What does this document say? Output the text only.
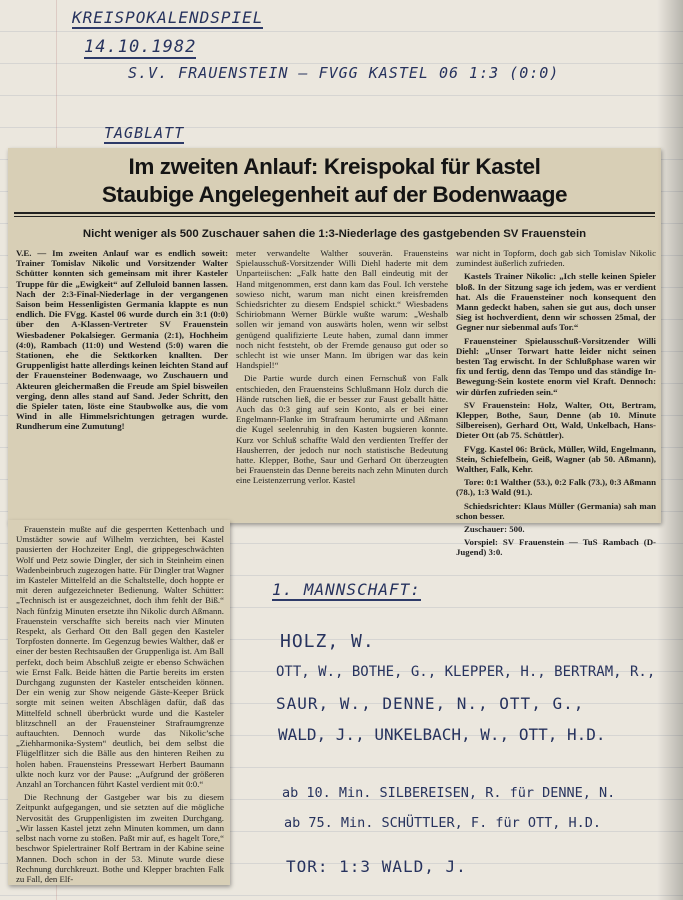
KREISPOKALENDSPIEL
14.10.1982
S.V. FRAUENSTEIN – FVGG KASTEL 06 1:3 (0:0)
TAGBLATT
Im zweiten Anlauf: Kreispokal für Kastel
Staubige Angelegenheit auf der Bodenwaage
Nicht weniger als 500 Zuschauer sahen die 1:3-Niederlage des gastgebenden SV Frauenstein

V.E. — Im zweiten Anlauf war es endlich soweit: Trainer Tomislav Nikolic und Vorsitzender Walter Schütter konnten sich gemeinsam mit ihrer Kasteler Truppe für die „Ewigkeit“ auf Zelluloid bannen lassen. Nach der 2:3-Final-Niederlage in der vergangenen Saison beim Hessenligisten Germania klappte es nun endlich. Die FVgg. Kastel 06 wurde durch ein 3:1 (0:0) über den A-Klassen-Vertreter SV Frauenstein Wiesbadener Pokalsieger. Germania (2:1), Hochheim (4:0), Rambach (11:0) und Westend (5:0) waren die Stationen, ehe die Sektkorken knallten. Der Gruppenligist hatte allerdings keinen leichten Stand auf der Frauensteiner Bodenwaage, wo Zuschauern und Akteuren gleichermaßen die Freude am Spiel bisweilen verging, denn alles stand auf Sand. Jeder Schritt, den die Spieler taten, löste eine Staubwolke aus, die vom Wind in alle Himmelsrichtungen getragen wurde. Rundherum eine Zumutung!

meter verwandelte Walther souverän. Frauensteins Spielausschuß-Vorsitzender Willi Diehl haderte mit dem Unparteiischen: „Falk hatte den Ball eindeutig mit der Hand mitgenommen, erst dann kam das Foul. Ich verstehe sowieso nicht, warum man nicht einen kreisfremden Schiedsrichter zu diesem Endspiel schickt.“ Wiesbadens Schiriobmann Werner Bürkle wußte warum: „Weshalb sollen wir jemand von auswärts holen, wenn wir selbst genügend qualifizierte Leute haben, zumal dann immer noch nicht feststeht, ob der Fremde genauso gut oder so schlecht ist wie unser Mann. Im übrigen war das kein Handspiel!“

Die Partie wurde durch einen Fernschuß von Falk entschieden, den Frauensteins Schlußmann Holz durch die Hände rutschen ließ, die er besser zur Faust geballt hätte. Auch das 0:3 ging auf sein Konto, als er bei einer Engelmann-Flanke im Strafraum herumirrte und Aßmann die Kugel seelenruhig in den Kasten bugsieren konnte. Kurz vor Schluß schaffte Wald den verdienten Treffer der Hausherren, der jedoch nur noch statistische Bedeutung hatte. Klepper, Bothe, Saur und Gerhard Ott überzeugten bei Frauenstein das Denne bereits nach zehn Minuten durch eine Leistenzerrung verlor. Kastel

war nicht in Topform, doch gab sich Tomislav Nikolic zumindest äußerlich zufrieden.

Kastels Trainer Nikolic: „Ich stelle keinen Spieler bloß. In der Sitzung sage ich jedem, was er verdient hat. Als die Frauensteiner noch konsequent den Mann gedeckt haben, sahen sie gut aus, doch unser Sieg ist hochverdient, denn wir schossen 25mal, der Gegner nur siebenmal aufs Tor.“

Frauensteiner Spielausschuß-Vorsitzender Willi Diehl: „Unser Torwart hatte leider nicht seinen besten Tag erwischt. In der Schlußphase waren wir fix und fertig, denn das Tempo und das ständige In-Bewegung-Sein kostete enorm viel Kraft. Dennoch: wir dürfen zufrieden sein.“

SV Frauenstein: Holz, Walter, Ott, Bertram, Klepper, Bothe, Saur, Denne (ab 10. Minute Silbereisen), Gerhard Ott, Wald, Unkelbach, Hans-Dieter Ott (ab 75. Schüttler).

FVgg. Kastel 06: Brück, Müller, Wild, Engelmann, Stein, Schiefelbein, Geiß, Wagner (ab 50. Aßmann), Walther, Falk, Kehr.

Tore: 0:1 Walther (53.), 0:2 Falk (73.), 0:3 Aßmann (78.), 1:3 Wald (91.).

Schiedsrichter: Klaus Müller (Germania) sah man schon besser.

Zuschauer: 500.

Vorspiel: SV Frauenstein — TuS Rambach (D-Jugend) 3:0.

Frauenstein mußte auf die gesperrten Kettenbach und Umstädter sowie auf Wilhelm verzichten, bei Kastel pausierten der Hochzeiter Engl, die grippegeschwächten Wolf und Petz sowie Dingler, der sich in Steinheim einen Wadenbeinbruch zugezogen hatte. Für Dingler trat Wagner im Kasteler Mittelfeld an die Schaltstelle, doch hoppte er mit deren aufgezeichneter Bedienung. Walter Schütter: „Technisch ist er ausgezeichnet, doch ihm fehlt der Biß.“ Nach fünfzig Minuten ersetzte ihn Nikolic durch Aßmann. Frauenstein verschaffte sich bereits nach vier Minuten Respekt, als Gerhard Ott den Ball gegen den Kasteler Torpfosten donnerte. Im Gegenzug bewies Walther, daß er einer der besten Rechtsaußen der Gruppenliga ist. Am Ball perfekt, doch beim Abschluß zeigte er ebenso Schwächen wie Ernst Falk. Beide hätten die Partie bereits im ersten Durchgang zugunsten der Kasteler entscheiden können. Der ein wenig zur Show neigende Gäste-Keeper Brück sorgte mit seinen weiten Abschlägen dafür, daß das Mittelfeld schnell überbrückt wurde und die Kasteler blitzschnell an der Frauensteiner Strafraumgrenze auftauchten. Dennoch wurde das Nikolic’sche „Ziehharmonika-System“ deutlich, bei dem selbst die Flügelflitzer sich die Bälle aus den hinteren Reihen zu holen haben. Frauensteins Pressewart Herbert Baumann ulkte noch kurz vor der Pause: „Aufgrund der größeren Anzahl an Torchancen führt Kastel verdient mit 0:0.“

Die Rechnung der Gastgeber war bis zu diesem Zeitpunkt aufgegangen, und sie setzten auf die mögliche Nervosität des Gruppenligisten im zweiten Durchgang. „Wir lassen Kastel jetzt zehn Minuten kommen, um dann selbst nach vorne zu stoßen. Paßt mir auf, es hagelt Tore,“ beschwor Spielertrainer Rolf Bertram in der Kabine seine Mannen. Doch schon in der 53. Minute wurde diese Rechnung durchkreuzt. Bothe und Klepper brachten Falk zu Fall, den Elf-

1. MANNSCHAFT:
HOLZ, W.
OTT, W., BOTHE, G., KLEPPER, H., BERTRAM, R.,
SAUR, W., DENNE, N., OTT, G.,
WALD, J., UNKELBACH, W., OTT, H.D.
ab 10. Min. SILBEREISEN, R. für DENNE, N.
ab 75. Min. SCHÜTTLER, F. für OTT, H.D.
TOR: 1:3 WALD, J.
